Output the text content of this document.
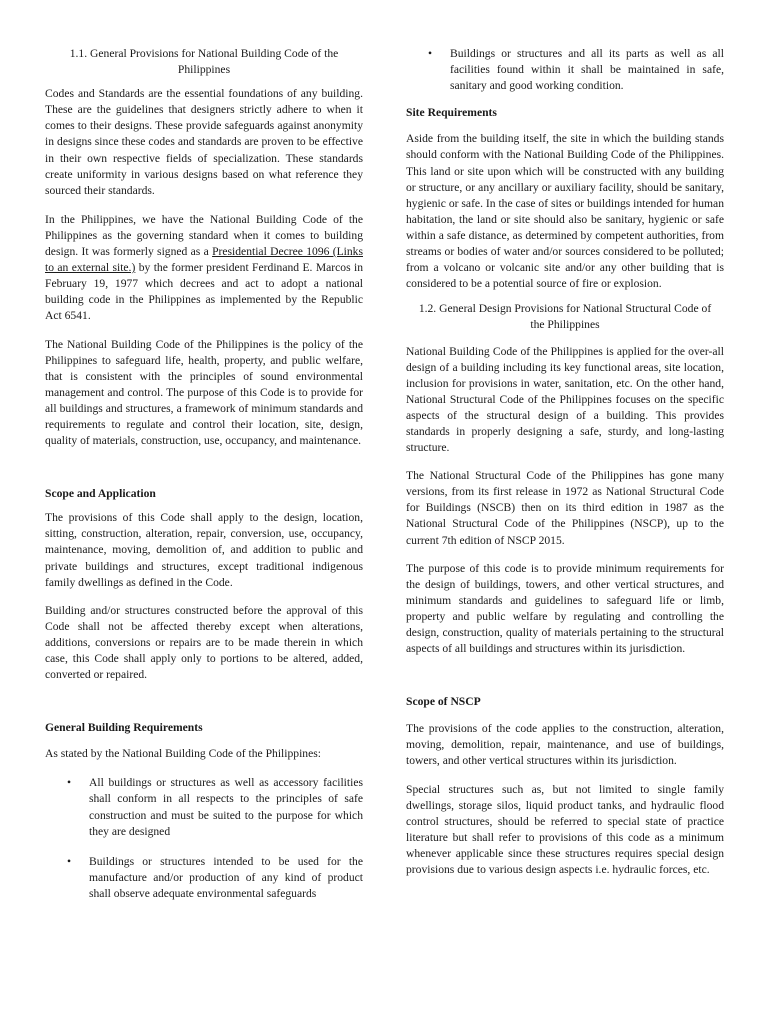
1.1. General Provisions for National Building Code of the
Philippines

Codes and Standards are the essential foundations of any building. These are the guidelines that designers strictly adhere to when it comes to their designs. These provide safeguards against anonymity in designs since these codes and standards are proven to be effective in their own respective fields of specialization. These standards create uniformity in various designs based on what reference they sourced their standards.

In the Philippines, we have the National Building Code of the Philippines as the governing standard when it comes to building design. It was formerly signed as a Presidential Decree 1096 (Links to an external site.) by the former president Ferdinand E. Marcos in February 19, 1977 which decrees and act to adopt a national building code in the Philippines as implemented by the Republic Act 6541.

The National Building Code of the Philippines is the policy of the Philippines to safeguard life, health, property, and public welfare, that is consistent with the principles of sound environmental management and control. The purpose of this Code is to provide for all buildings and structures, a framework of minimum standards and requirements to regulate and control their location, site, design, quality of materials, construction, use, occupancy, and maintenance.

Scope and Application

The provisions of this Code shall apply to the design, location, sitting, construction, alteration, repair, conversion, use, occupancy, maintenance, moving, demolition of, and addition to public and private buildings and structures, except traditional indigenous family dwellings as defined in the Code.

Building and/or structures constructed before the approval of this Code shall not be affected thereby except when alterations, additions, conversions or repairs are to be made therein in which case, this Code shall apply only to portions to be altered, added, converted or repaired.

General Building Requirements

As stated by the National Building Code of the Philippines:

• All buildings or structures as well as accessory facilities shall conform in all respects to the principles of safe construction and must be suited to the purpose for which they are designed
• Buildings or structures intended to be used for the manufacture and/or production of any kind of product shall observe adequate environmental safeguards
• Buildings or structures and all its parts as well as all facilities found within it shall be maintained in safe, sanitary and good working condition.

Site Requirements

Aside from the building itself, the site in which the building stands should conform with the National Building Code of the Philippines. This land or site upon which will be constructed with any building or structure, or any ancillary or auxiliary facility, should be sanitary, hygienic or safe. In the case of sites or buildings intended for human habitation, the land or site should also be sanitary, hygienic or safe within a safe distance, as determined by competent authorities, from streams or bodies of water and/or sources considered to be polluted; from a volcano or volcanic site and/or any other building that is considered to be a potential source of fire or explosion.

1.2. General Design Provisions for National Structural Code of
the Philippines

National Building Code of the Philippines is applied for the over-all design of a building including its key functional areas, site location, inclusion for provisions in water, sanitation, etc. On the other hand, National Structural Code of the Philippines focuses on the specific aspects of the structural design of a building. This provides standards in properly designing a safe, sturdy, and long-lasting structure.

The National Structural Code of the Philippines has gone many versions, from its first release in 1972 as National Structural Code for Buildings (NSCB) then on its third edition in 1987 as the National Structural Code of the Philippines (NSCP), up to the current 7th edition of NSCP 2015.

The purpose of this code is to provide minimum requirements for the design of buildings, towers, and other vertical structures, and minimum standards and guidelines to safeguard life or limb, property and public welfare by regulating and controlling the design, construction, quality of materials pertaining to the structural aspects of all buildings and structures within its jurisdiction.

Scope of NSCP

The provisions of the code applies to the construction, alteration, moving, demolition, repair, maintenance, and use of buildings, towers, and other vertical structures within its jurisdiction.

Special structures such as, but not limited to single family dwellings, storage silos, liquid product tanks, and hydraulic flood control structures, should be referred to special state of practice literature but shall refer to provisions of this code as a minimum whenever applicable since these structures requires special design provisions due to various design aspects i.e. hydraulic forces, etc.
